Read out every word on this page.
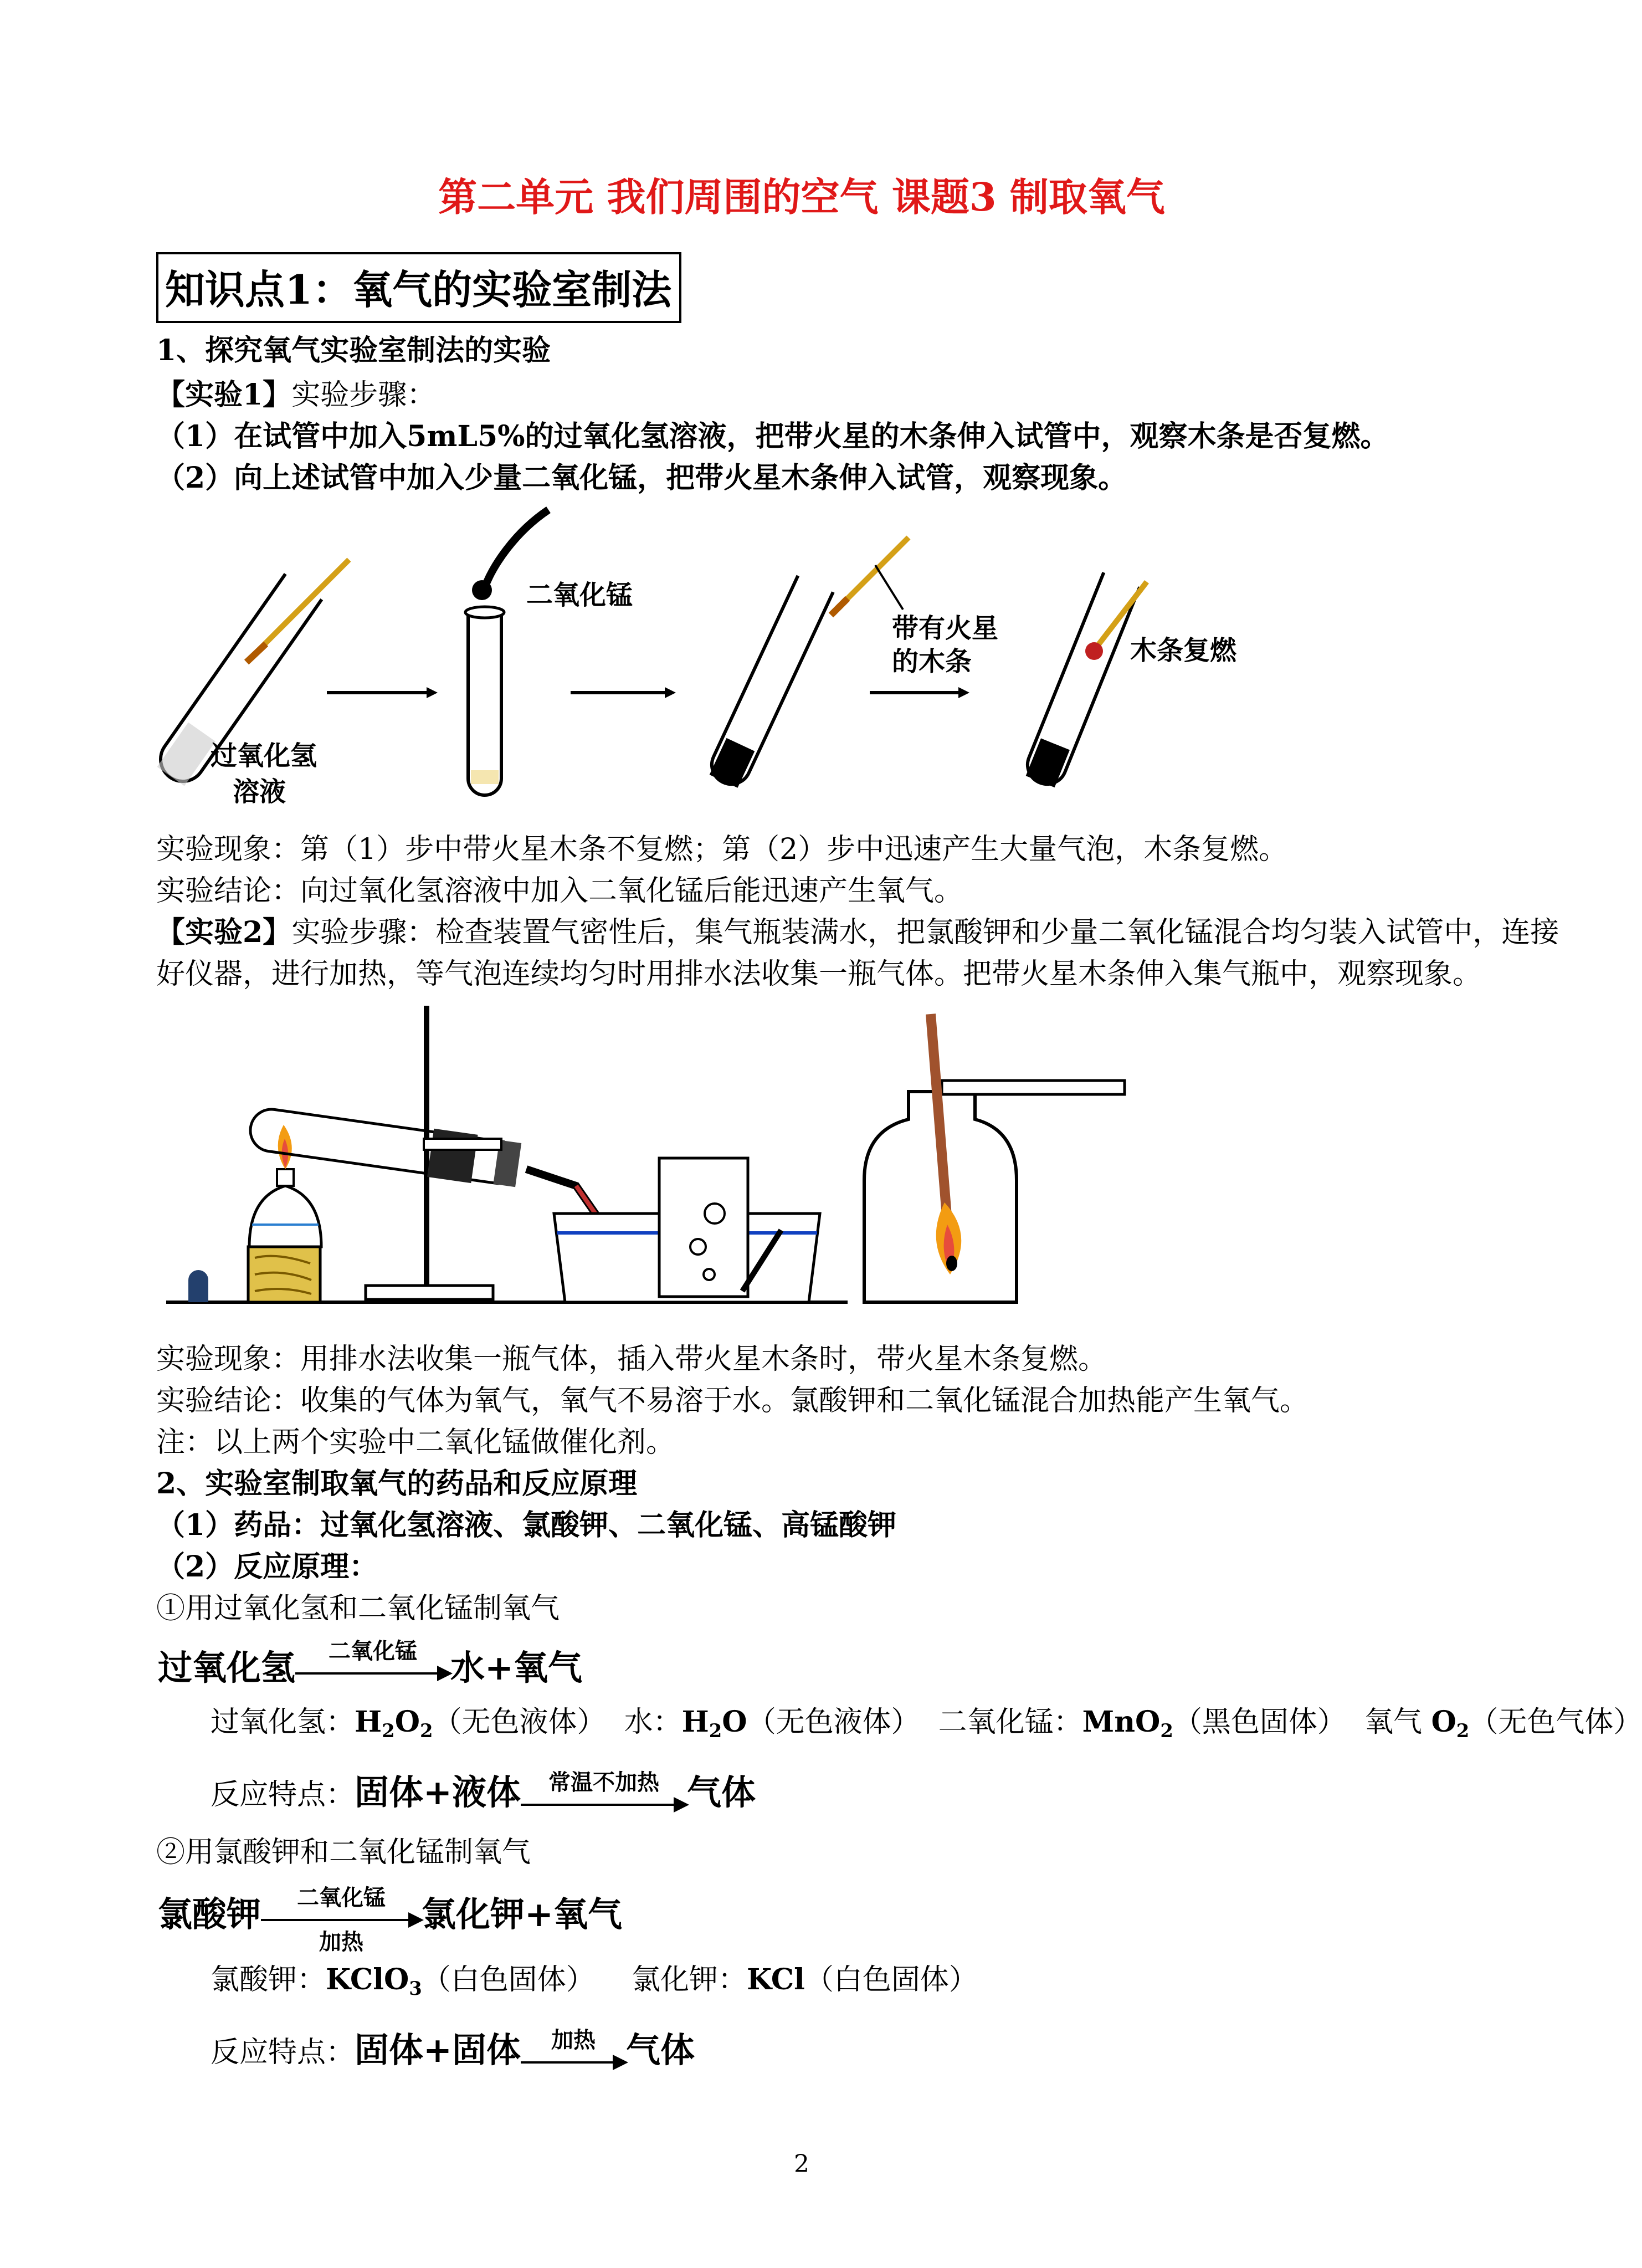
第二单元 我们周围的空气 课题3 制取氧气
知识点1：氧气的实验室制法
1、探究氧气实验室制法的实验
【实验1】实验步骤：
（1）在试管中加入5mL5%的过氧化氢溶液，把带火星的木条伸入试管中，观察木条是否复燃。
（2）向上述试管中加入少量二氧化锰，把带火星木条伸入试管，观察现象。
过氧化氢
溶液
二氧化锰
带有火星
的木条	木条复燃
实验现象：第（1）步中带火星木条不复燃；第（2）步中迅速产生大量气泡，木条复燃。
实验结论：向过氧化氢溶液中加入二氧化锰后能迅速产生氧气。
【实验2】实验步骤：检查装置气密性后，集气瓶装满水，把氯酸钾和少量二氧化锰混合均匀装入试管中，连接
好仪器，进行加热，等气泡连续均匀时用排水法收集一瓶气体。把带火星木条伸入集气瓶中，观察现象。
实验现象：用排水法收集一瓶气体，插入带火星木条时，带火星木条复燃。
实验结论：收集的气体为氧气，氧气不易溶于水。氯酸钾和二氧化锰混合加热能产生氧气。
注：以上两个实验中二氧化锰做催化剂。
2、实验室制取氧气的药品和反应原理
（1）药品：过氧化氢溶液、氯酸钾、二氧化锰、高锰酸钾
（2）反应原理：
①用过氧化氢和二氧化锰制氧气
过氧化氢	二氧化锰 水+氧气
过氧化氢：$H_2O_2$（无色液体） 水：$H_2O$（无色液体） 二氧化锰：MnO$_2$（黑色固体） 氧气 $O_2$（无色气体）
反应特点：固体+液体	常温不加热 气体
②用氯酸钾和二氧化锰制氧气
氯酸钾	二氧化锰
加热
氯化钾+氧气
氯酸钾：KClO$_3$（白色固体） 氯化钾：KCl（白色固体）
反应特点：固体+固体	加热 气体
2
